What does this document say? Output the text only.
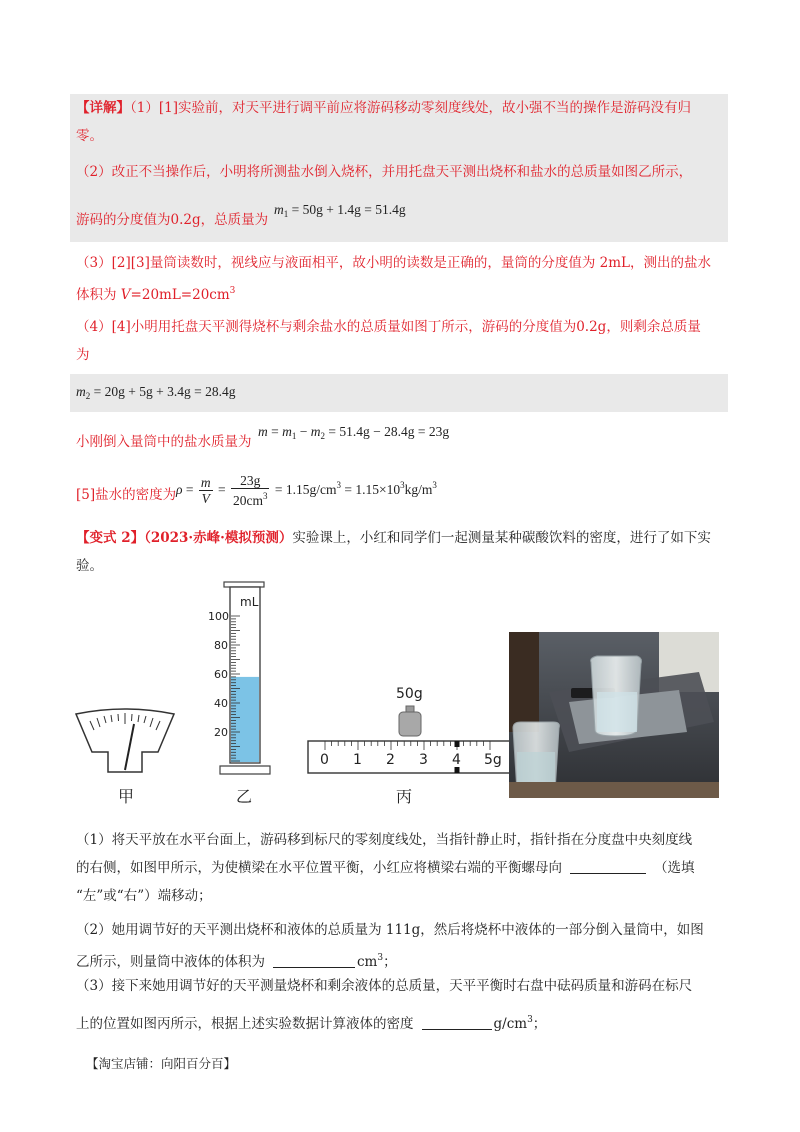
【详解】（1）[1]实验前，对天平进行调平前应将游码移动零刻度线处，故小强不当的操作是游码没有归
零。
（2）改正不当操作后，小明将所测盐水倒入烧杯，并用托盘天平测出烧杯和盐水的总质量如图乙所示，
游码的分度值为0.2g，总质量为
$m_1 = 50g + 1.4g = 51.4g$
（3）[2][3]量筒读数时，视线应与液面相平，故小明的读数是正确的，量筒的分度值为 2mL，测出的盐水
体积为 $V=20mL=20cm^3$
（4）[4]小明用托盘天平测得烧杯与剩余盐水的总质量如图丁所示，游码的分度值为0.2g，则剩余总质量
为
$m_2 = 20g + 5g + 3.4g = 28.4g$
小刚倒入量筒中的盐水质量为
$m = m_1 - m_2 = 51.4g - 28.4g = 23g$
[5]盐水的密度为 $\rho = \frac{m}{V} = \frac{23g}{20cm^3} = 1.15g/cm^3 = 1.15\times 10^3kg/m^3$
【变式 2】（2023·赤峰·模拟预测）实验课上，小红和同学们一起测量某种碳酸饮料的密度，进行了如下实
验。
mL
100
80
60
40
20
50g
0 1 2 3 4 5g
甲	乙	丙
（1）将天平放在水平台面上，游码移到标尺的零刻度线处，当指针静止时，指针指在分度盘中央刻度线
的右侧，如图甲所示，为使横梁在水平位置平衡，小红应将横梁右端的平衡螺母向	（选填
“左”或“右”）端移动；
（2）她用调节好的天平测出烧杯和液体的总质量为 111g，然后将烧杯中液体的一部分倒入量筒中，如图
乙所示，则量筒中液体的体积为	$cm^3$；
（3）接下来她用调节好的天平测量烧杯和剩余液体的总质量，天平平衡时右盘中砝码质量和游码在标尺
上的位置如图丙所示，根据上述实验数据计算液体的密度	$g/cm^3$；
【淘宝店铺：向阳百分百】
